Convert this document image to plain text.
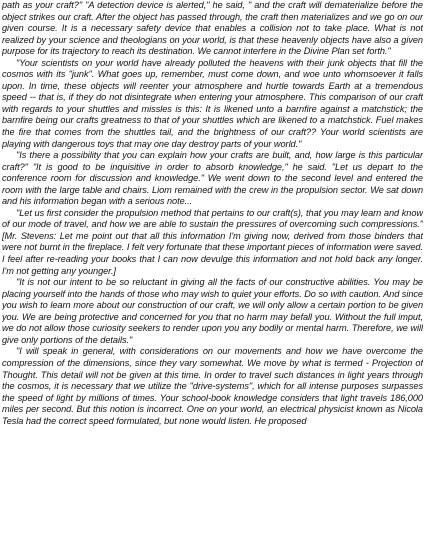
path as your craft?" "A detection device is alerted," he said, " and the craft will dematerialize before the object strikes our craft. After the object has passed through, the craft then materializes and we go on our given course. It is a necessary safety device that enables a collision not to take place. What is not realized by your science and theologians on your world, is that these heavenly objects have also a given purpose for its trajectory to reach its destination. We cannot interfere in the Divine Plan set forth."

"Your scientists on your world have already polluted the heavens with their junk objects that fill the cosmos with its "junk". What goes up, remember, must come down, and woe unto whomsoever it falls upon. In time, these objects will reenter your atmosphere and hurtle towards Earth at a tremendous speed -- that is, if they do not disintegrate when entering your atmosphere. This comparison of our craft with regards to your shuttles and missles is this: It is likened unto a barnfire against a matchstick; the barnfire being our crafts greatness to that of your shuttles which are likened to a matchstick. Fuel makes the fire that comes from the shuttles tail, and the brightness of our craft?? Your world scientists are playing with dangerous toys that may one day destroy parts of your world."

"Is there a possibility that you can explain how your crafts are built, and, how large is this particular craft?" "It is good to be inquisitive in order to absorb knowledge," he said. "Let us depart to the conference room for discussion and knowledge." We went down to the second level and entered the room with the large table and chairs. Liom remained with the crew in the propulsion sector. We sat down and his information began with a serious note...

"Let us first consider the propulsion method that pertains to our craft(s), that you may learn and know of our mode of travel, and how we are able to sustain the pressures of overcoming such compressions." [Mr. Stevens: Let me point out that all this information I'm giving now, derived from those binders that were not burnt in the fireplace. I felt very fortunate that these important pieces of information were saved. I feel after re-reading your books that I can now devulge this information and not hold back any longer. I'm not getting any younger.]

"It is not our intent to be so reluctant in giving all the facts of our constructive abilities. You may be placing yourself into the hands of those who may wish to quiet your efforts. Do so with caution. And since you wish to learn more about our construction of our craft, we will only allow a certain portion to be given you. We are being protective and concerned for you that no harm may befall you. Without the full imput, we do not allow those curiosity seekers to render upon you any bodily or mental harm. Therefore, we will give only portions of the details."

"I will speak in general, with considerations on our movements and how we have overcome the compression of the dimensions, since they vary somewhat. We move by what is termed - Projection of Thought. This detail will not be given at this time. In order to travel such distances in light years through the cosmos, it is necessary that we utilize the "drive-systems", which for all intense purposes surpasses the speed of light by millions of times. Your school-book knowledge considers that light travels 186,000 miles per second. But this notion is incorrect. One on your world, an electrical physicist known as Nicola Tesla had the correct speed formulated, but none would listen. He proposed
